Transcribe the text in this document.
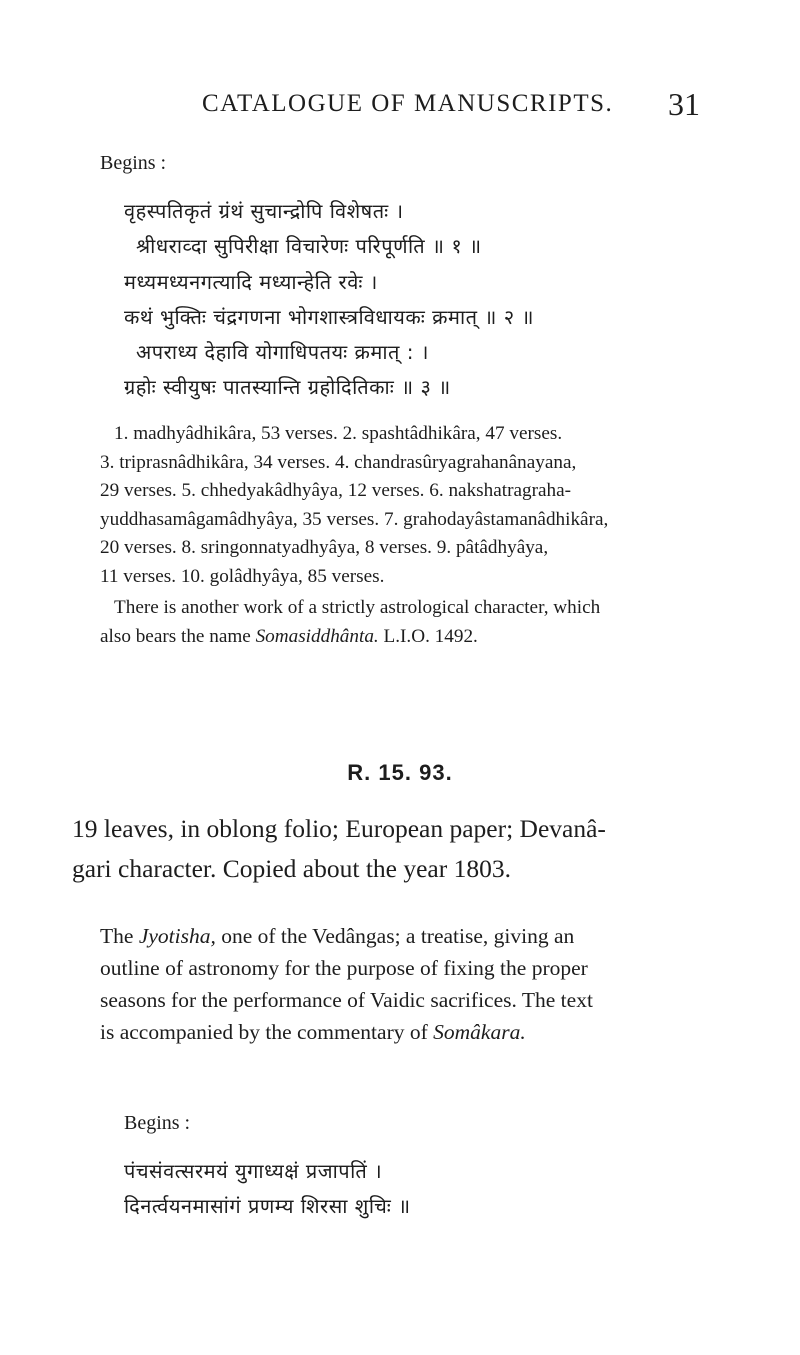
CATALOGUE OF MANUSCRIPTS. 31
Begins :
वृहस्पतिकृतं ग्रंथं सुचान्द्रोपि विशेषतः ।
श्रीधराव्दा सुपिरीक्षा विचारेणः परिपूर्णति ॥ १ ॥
मध्यमध्यनगत्यादि मध्यान्हेति रवेः ।
कथं भुक्तिः चंद्रगणना भोगशास्त्रविधायकः क्रमात् ॥ २ ॥
अपराध्य देहावि योगाधिपतयः क्रमात् : ।
ग्रहोः स्वीयुषः पातस्यान्ति ग्रहोदितिकाः ॥ ३ ॥
1. madhyâdhikâra, 53 verses. 2. spashtâdhikâra, 47 verses.
3. triprasnâdhikâra, 34 verses. 4. chandrasûryagrahanânayana,
29 verses. 5. chhedyakâdhyâya, 12 verses. 6. nakshatragraha-
yuddhasamâgamâdhyâya, 35 verses. 7. grahodayâstamanâdhikâra,
20 verses. 8. sringonnatyadhyâya, 8 verses. 9. pâtâdhyâya,
11 verses. 10. golâdhyâya, 85 verses.
There is another work of a strictly astrological character, which
also bears the name Somasiddhânta. L.I.O. 1492.
R. 15. 93.
19 leaves, in oblong folio; European paper; Devanâ-
gari character. Copied about the year 1803.
The Jyotisha, one of the Vedângas; a treatise, giving an
outline of astronomy for the purpose of fixing the proper
seasons for the performance of Vaidic sacrifices. The text
is accompanied by the commentary of Somâkara.
Begins :
पंचसंवत्सरमयं युगाध्यक्षं प्रजापतिं ।
दिनर्त्वयनमासांगं प्रणम्य शिरसा शुचिः ॥
